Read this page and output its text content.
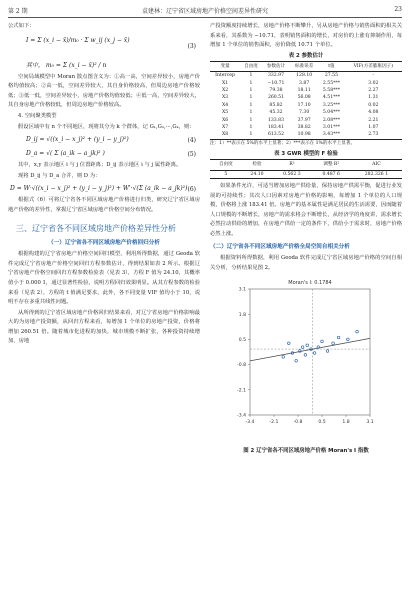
第 2 期	袁建林：辽宁省区域房地产价格空间差异性研究	23

公式如下：

I = Σ (x_i − x̄)/m₀ · Σ w_ij (x_j − x̄)
(3)
其中， m₀ = Σ (x_i − x̄)² / n

空间局域模型中 Moran 散点图含义为：①高一高，空间差异较小，房地产价格均值较高；②高一低，空间差异较大，其自身价格较高，但周边房地产价格较低；③低一低，空间差异较小，房地产价格均值较低；④低一高，空间差异较大，其自身房地产价格较低，但周边房地产价格较高。

4. 空间聚类模型

假设区域中有 n 个不同地区，现将其分为 k 个群体，记 G₁,G₂,···,Gₖ，则：

D_ij = √((x_i − x_j)² + (y_i − y_j)²)	(4)
D_a = √( Σ (a_ik − a_jk)² )	(5)

其中，x,y 表示地区 i 与 j 位置距离；D_ij 表示地区 i 与 j 属性距离。

现将 D_ij 与 D_a 合并，则 D 为：

D = W·√((x_i − x_j)² + (y_i − y_j)²) + W'·√(Σ (a_ik − a_jk)²) (6)

根据式（6）可将辽宁省各不同区域房地产价格进行归类，研究辽宁省区域房地产价格的差异性，掌握辽宁省区域房地产价格空间分布情况。

三、辽宁省各不同区域房地产价格差异性分析
（一）辽宁省各不同区域房地产价格回归分析

根据构建的辽宁省房地产价格空间回归模型，利用所得数据，通过 Geoda 软件完成辽宁省房地产价格空间回归方程参数估计，得到结果如表 2 所示。根据辽宁省房地产价格空间回归方程参数检验表（见表 3），方程 F 值为 24.10，其概率值小于 0.000 1，通过显著性检验，说明方程回归效果明显。从其方程参数的检验来看（见表 2），方程的 t 值满足要求，此外，各不同变量 VIF 值均小于 10，说明不存在多重共线性问题。

从所得到的辽宁省区域房地产价格回归结果来看，对辽宁省房地产价格影响最大的为房地产投资额，从回归方程来看，每增加 1 个单位的房地产投资，价格将增加 260.51 倍。随着城市化进程的加快，城市规模不断扩张，各种投资持续增加，房地

产投资额度持续增长，房地产价格不断攀升，另从房地产价格与销售面积的相关关系来看，其系数为 −10.71，表明销售面积的增长，对房价的上涨有抑制作用，每增加 1 个单位的销售面积，房价降低 10.71 个单位。

表 2 参数估计
变量	自由度	参数估计	标准误差	t值	VIF(方差膨胀因子)
Intercep	1	332.97	128.10	27.55	-
X1	1	−10.71	3.87	2.55***	3.02
X2	1	79.38	18.11	5.58***	2.27
X3	1	260.51	56.08	4.51***	1.31
X4	1	85.82	17.10	3.25***	0.02
X5	1	45.32	7.30	5.04***	4.08
X6	1	133.83	37.97	2.08***	2.21
X7	1	183.41	38.82	3.01***	1.07
X8	1	613.52	10.98	3.43***	2.73
注：1）**表示在 5%的水平上显著；2）***表示在 1%的水平上显著。
表 3 GWR 模型的 F 检验
自由度	检验	R²	调整 R²	AIC
5	24.10	0.562 3	0.487 6	282.326 1

如果条件允许，可适当增加房地产供给量，保持房地产供需平衡，促进行业发展的可持续性；其次人口因素对房地产价格的影响，每增加 1 个单位的人口规模，价格将上涨 183.41 倍。房地产的基本属性是满足居民的生活需要，因而随着人口规模的不断增长，房地产的需求将会不断增长，从经济学的角度讲，需求增长必然拉动供给的增加，在房地产供给一定的条件下，供给小于需求时，房地产价格必然上涨。

（二）辽宁省各不同区域房地产价格全局空间自相关分析

根据资料所得数据，利用 Geoda 软件完成辽宁省区域房地产价格的空间自相关分析，分析结果见图 2。

Moran's I: 0.1784
-3.4	-2.1	-0.8	0.5	1.8	3.1
3.1
1.8
0.5
-0.8
-2.1
-3.4
图 2 辽宁省各不同区域房地产价格 Moran's I 指数
